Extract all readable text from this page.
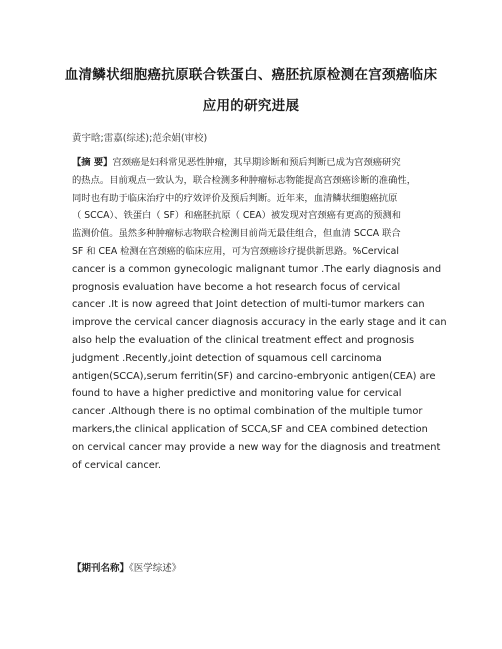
血清鳞状细胞癌抗原联合铁蛋白、癌胚抗原检测在宫颈癌临床
应用的研究进展
黄宇晗;雷嘉(综述);范余娟(审校)
【摘 要】宫颈癌是妇科常见恶性肿瘤，其早期诊断和预后判断已成为宫颈癌研究
的热点。目前观点一致认为，联合检测多种肿瘤标志物能提高宫颈癌诊断的准确性，
同时也有助于临床治疗中的疗效评价及预后判断。近年来，血清鳞状细胞癌抗原
（ SCCA）、铁蛋白（ SF）和癌胚抗原（ CEA）被发现对宫颈癌有更高的预测和
监测价值。虽然多种肿瘤标志物联合检测目前尚无最佳组合，但血清 SCCA 联合
SF 和 CEA 检测在宫颈癌的临床应用，可为宫颈癌诊疗提供新思路。%Cervical
cancer is a common gynecologic malignant tumor .The early diagnosis and
prognosis evaluation have become a hot research focus of cervical
cancer .It is now agreed that Joint detection of multi-tumor markers can
improve the cervical cancer diagnosis accuracy in the early stage and it can
also help the evaluation of the clinical treatment effect and prognosis
judgment .Recently,joint detection of squamous cell carcinoma
antigen(SCCA),serum ferritin(SF) and carcino-embryonic antigen(CEA) are
found to have a higher predictive and monitoring value for cervical
cancer .Although there is no optimal combination of the multiple tumor
markers,the clinical application of SCCA,SF and CEA combined detection
on cervical cancer may provide a new way for the diagnosis and treatment
of cervical cancer.
【期刊名称】《医学综述》
